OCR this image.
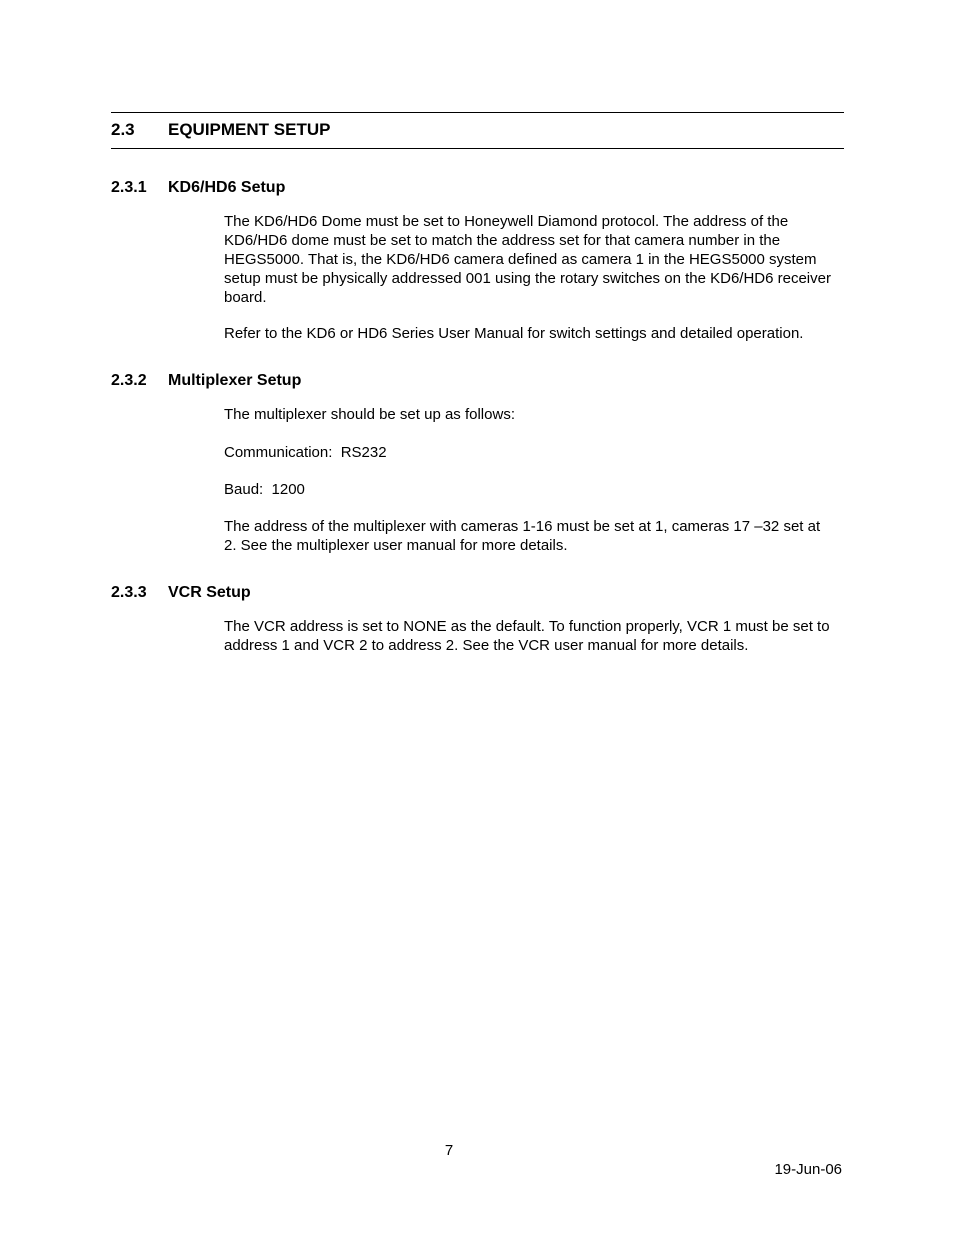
2.3 EQUIPMENT SETUP
2.3.1 KD6/HD6 Setup

The KD6/HD6 Dome must be set to Honeywell Diamond protocol. The address of the KD6/HD6 dome must be set to match the address set for that camera number in the HEGS5000. That is, the KD6/HD6 camera defined as camera 1 in the HEGS5000 system setup must be physically addressed 001 using the rotary switches on the KD6/HD6 receiver board.

Refer to the KD6 or HD6 Series User Manual for switch settings and detailed operation.

2.3.2 Multiplexer Setup

The multiplexer should be set up as follows:

Communication:  RS232

Baud:  1200

The address of the multiplexer with cameras 1-16 must be set at 1, cameras 17 –32 set at 2. See the multiplexer user manual for more details.

2.3.3 VCR Setup

The VCR address is set to NONE as the default. To function properly, VCR 1 must be set to address 1 and VCR 2 to address 2. See the VCR user manual for more details.

7
19-Jun-06
